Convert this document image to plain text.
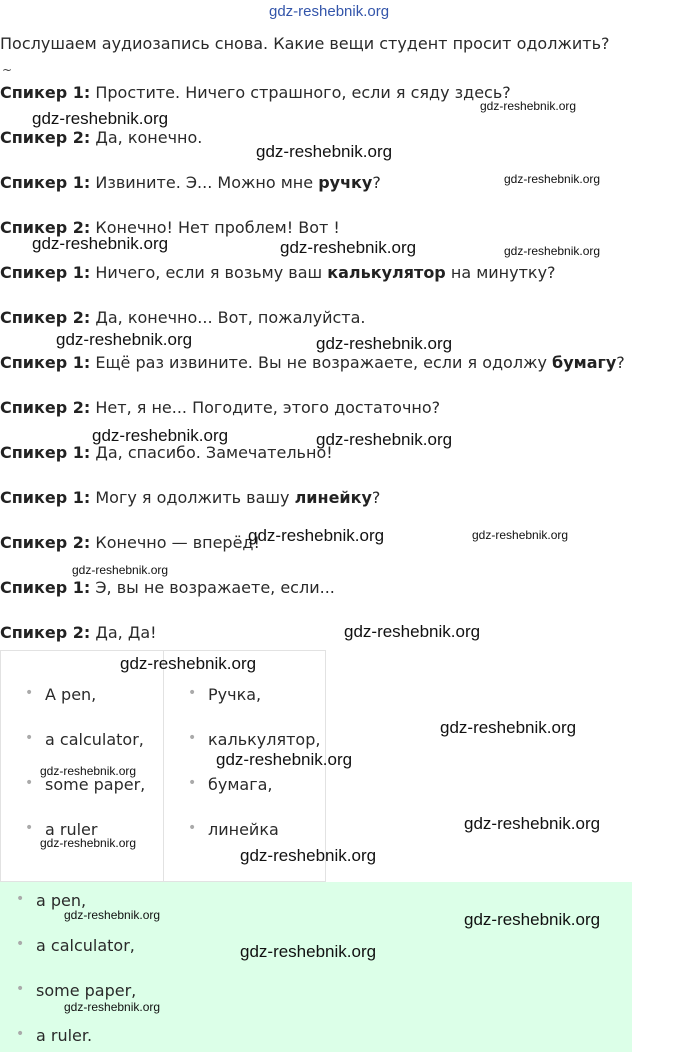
gdz-reshebnik.org
Послушаем аудиозапись снова. Какие вещи студент просит одолжить?
~
Спикер 1: Простите. Ничего страшного, если я сяду здесь?
Спикер 2: Да, конечно.
Спикер 1: Извините. Э... Можно мне ручку?
Спикер 2: Конечно! Нет проблем! Вот !
Спикер 1: Ничего, если я возьму ваш калькулятор на минутку?
Спикер 2: Да, конечно... Вот, пожалуйста.
Спикер 1: Ещё раз извините. Вы не возражаете, если я одолжу бумагу?
Спикер 2: Нет, я не... Погодите, этого достаточно?
Спикер 1: Да, спасибо. Замечательно!
Спикер 1: Могу я одолжить вашу линейку?
Спикер 2: Конечно — вперёд!
Спикер 1: Э, вы не возражаете, если...
Спикер 2: Да, Да!
• A pen,
• a calculator,
• some paper,
• a ruler
• Ручка,
• калькулятор,
• бумага,
• линейка
• a pen,
• a calculator,
• some paper,
• a ruler.
gdz-reshebnik.org
gdz-reshebnik.org
gdz-reshebnik.org
gdz-reshebnik.org
gdz-reshebnik.org	gdz-reshebnik.org	gdz-reshebnik.org
gdz-reshebnik.org	gdz-reshebnik.org
gdz-reshebnik.org	gdz-reshebnik.org
gdz-reshebnik.org	gdz-reshebnik.org
gdz-reshebnik.org
gdz-reshebnik.org
gdz-reshebnik.org
gdz-reshebnik.org
gdz-reshebnik.org
gdz-reshebnik.org
gdz-reshebnik.org
gdz-reshebnik.org
gdz-reshebnik.org
gdz-reshebnik.org	gdz-reshebnik.org
gdz-reshebnik.org
gdz-reshebnik.org
